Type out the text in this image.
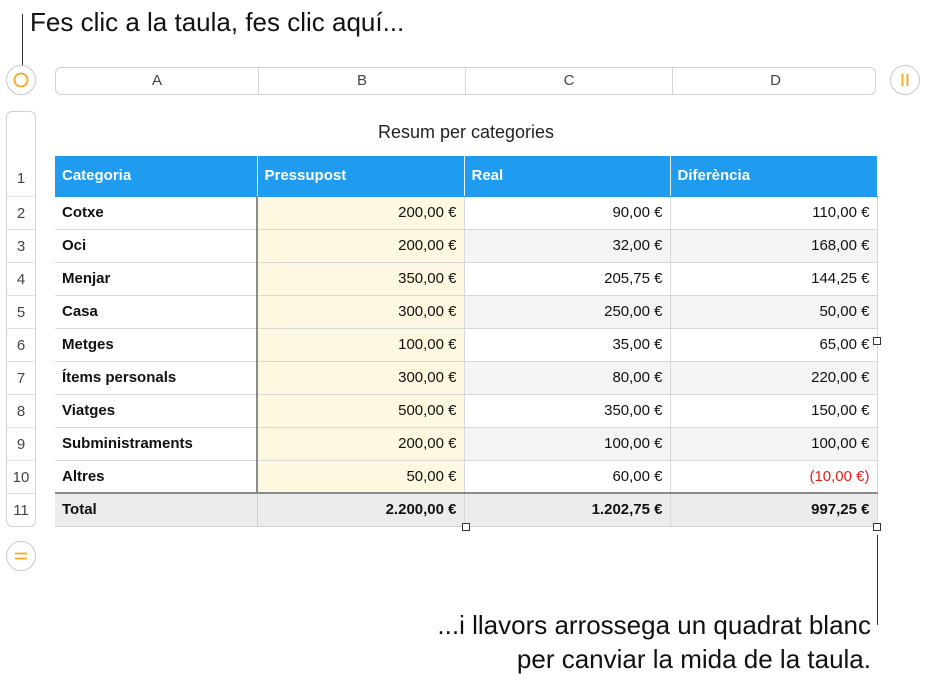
Fes clic a la taula, fes clic aquí...
...i llavors arrossega un quadrat blanc
per canviar la mida de la taula.
A	B	C	D
1
2
3
4
5
6
7
8
9
10
11
Resum per categories
Categoria	Pressupost	Real	Diferència
Cotxe	200,00 €	90,00 €	110,00 €
Oci	200,00 €	32,00 €	168,00 €
Menjar	350,00 €	205,75 €	144,25 €
Casa	300,00 €	250,00 €	50,00 €
Metges	100,00 €	35,00 €	65,00 €
Ítems personals	300,00 €	80,00 €	220,00 €
Viatges	500,00 €	350,00 €	150,00 €
Subministraments	200,00 €	100,00 €	100,00 €
Altres	50,00 €	60,00 €	(10,00 €)
Total	2.200,00 €	1.202,75 €	997,25 €
